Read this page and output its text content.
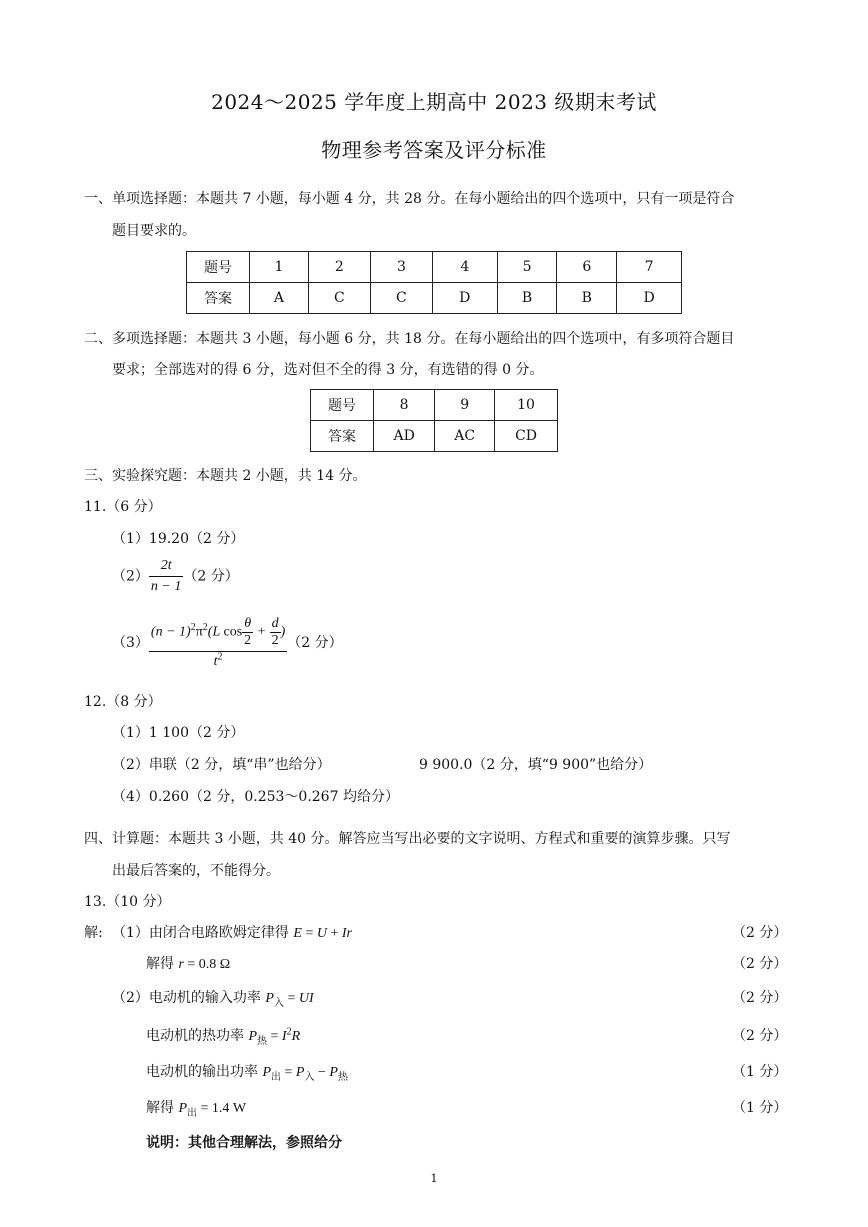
2024～2025 学年度上期高中 2023 级期末考试
物理参考答案及评分标准
一、单项选择题：本题共 7 小题，每小题 4 分，共 28 分。在每小题给出的四个选项中，只有一项是符合
题目要求的。
题号	1	2	3	4	5	6	7
答案	A	C	C	D	B	B	D
二、多项选择题：本题共 3 小题，每小题 6 分，共 18 分。在每小题给出的四个选项中，有多项符合题目
要求；全部选对的得 6 分，选对但不全的得 3 分，有选错的得 0 分。
题号	8	9	10
答案	AD	AC	CD
三、实验探究题：本题共 2 小题，共 14 分。
11.（6 分）
（1）19.20（2 分）
$(2) \frac{2t}{n - 1} (2$ 分）
$(3) \frac{(n - 1)^2\pi^2(L \cos \frac{\theta}{2} + \frac{d}{2} )}{t^2} (2$ 分）
12.（8 分）
（1）1 100（2 分）
（2）串联（2 分，填“串”也给分）	9 900.0（2 分，填“9 900”也给分）
（4）0.260（2 分，0.253～0.267 均给分）
四、计算题：本题共 3 小题，共 40 分。解答应当写出必要的文字说明、方程式和重要的演算步骤。只写
出最后答案的，不能得分。
13.（10 分）
解: （1）由闭合电路欧姆定律得 E = U + Ir	（2 分）
解得 r = 0.8 Ω	（2 分）
（2）电动机的输入功率 $P_入$ = UI	（2 分）
电动机的热功率 $P_热 = I^2R$	（2 分）
电动机的输出功率 $P_出 = P_入 - P_热$	（1 分）
解得 $P_出 = 1.4$ W	（1 分）
说明：其他合理解法，参照给分
1
